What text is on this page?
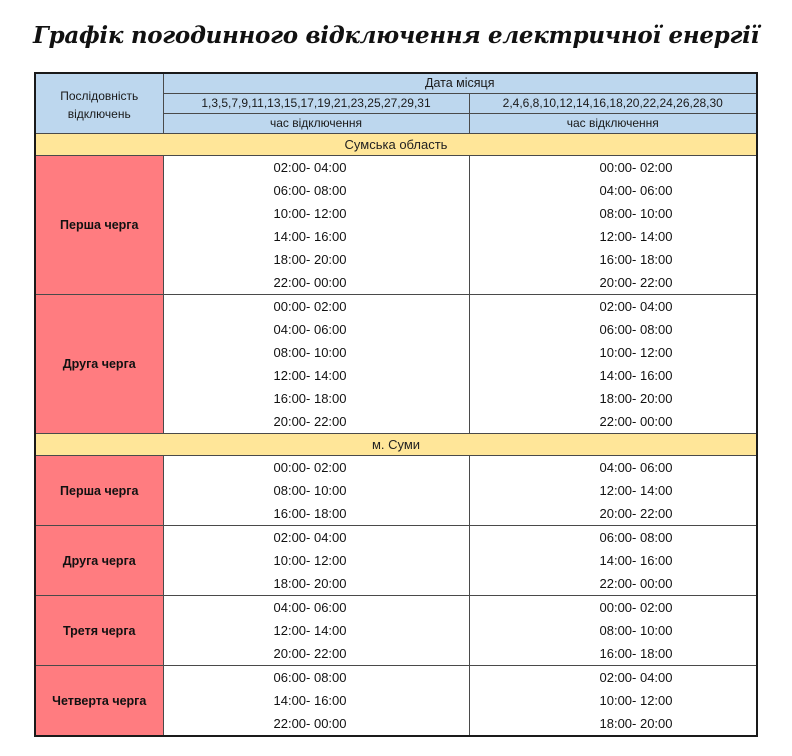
Графік погодинного відключення електричної енергії
Послідовність
відключень	Дата місяця	
	1,3,5,7,9,11,13,15,17,19,21,23,25,27,29,31	2,4,6,8,10,12,14,16,18,20,22,24,26,28,30
	час відключення	час відключення
Сумська область		
Перша черга	02:00- 04:00	00:00- 02:00
	06:00- 08:00	04:00- 06:00
	10:00- 12:00	08:00- 10:00
	14:00- 16:00	12:00- 14:00
	18:00- 20:00	16:00- 18:00
	22:00- 00:00	20:00- 22:00
Друга черга	00:00- 02:00	02:00- 04:00
	04:00- 06:00	06:00- 08:00
	08:00- 10:00	10:00- 12:00
	12:00- 14:00	14:00- 16:00
	16:00- 18:00	18:00- 20:00
	20:00- 22:00	22:00- 00:00
м. Суми		
Перша черга	00:00- 02:00	04:00- 06:00
	08:00- 10:00	12:00- 14:00
	16:00- 18:00	20:00- 22:00
Друга черга	02:00- 04:00	06:00- 08:00
	10:00- 12:00	14:00- 16:00
	18:00- 20:00	22:00- 00:00
Третя черга	04:00- 06:00	00:00- 02:00
	12:00- 14:00	08:00- 10:00
	20:00- 22:00	16:00- 18:00
Четверта черга	06:00- 08:00	02:00- 04:00
	14:00- 16:00	10:00- 12:00
	22:00- 00:00	18:00- 20:00
